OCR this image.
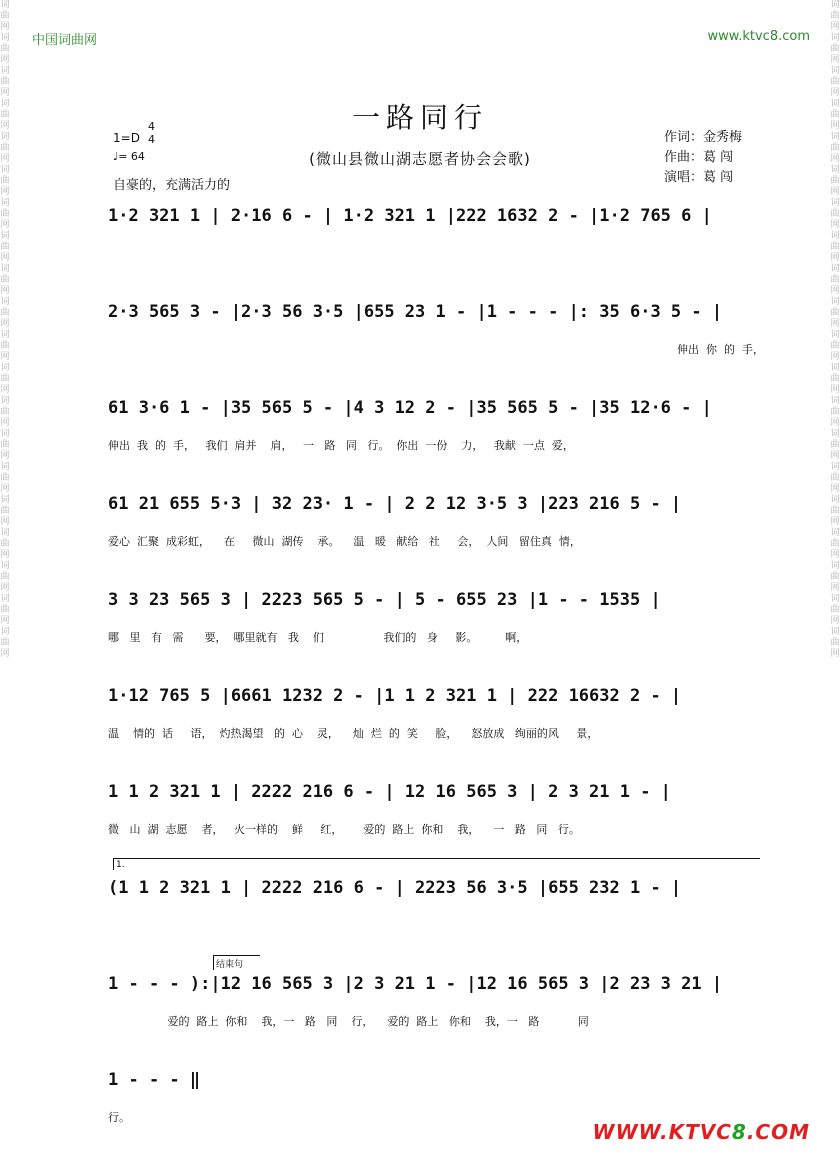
词曲网 词曲网 词曲网 词曲网 词曲网 词曲网 词曲网 词曲网 词曲网 词曲网 词曲网 词曲网 词曲网 词曲网 词曲网 词曲网 词曲网 词曲网 词曲网 词曲网
词曲网 词曲网 词曲网 词曲网 词曲网 词曲网 词曲网 词曲网 词曲网 词曲网 词曲网 词曲网 词曲网 词曲网 词曲网 词曲网 词曲网 词曲网 词曲网 词曲网
中国词曲网	www.ktvc8.com
一路同行
(微山县微山湖志愿者协会会歌)
1=D
4
4
♩= 64
自豪的，充满活力的
作词：金秀梅
作曲：葛 闯
演唱：葛 闯
1·2 321 1 | 2·16 6 - | 1·2 321 1 |222 1632 2 - |1·2 765 6 |
2·3 565 3 - |2·3 56 3·5 |655 23 1 - |1 - - - |: 35 6·3 5 - |
伸出  你  的  手，
61 3·6 1 - |35 565 5 - |4 3 12 2 - |35 565 5 - |35 12·6 - |
伸出  我  的  手，   我们  肩并    肩，   一   路   同   行。  你出  一份    力，   我献  一点  爱，
61 21 655 5·3 | 32 23· 1 - | 2 2 12 3·5 3 |223 216 5 - |
爱心  汇聚  成彩虹，    在     微山  湖传    承。    温   暖   献给   社     会，  人间   留住真  情，
3 3 23 565 3 | 2223 565 5 - | 5 - 655 23 |1 - - 1535 |
哪   里   有   需      要，  哪里就有   我    们                 我们的   身     影。        啊，
1·12 765 5 |6661 1232 2 - |1 1 2 321 1 | 222 16632 2 - |
温    情的  话     语，  灼热渴望   的  心    灵，    灿  烂  的  笑     脸，    怒放成   绚丽的风     景，
1 1 2 321 1 | 2222 216 6 - | 12 16 565 3 | 2 3 21 1 - |
微   山  湖  志愿    者，   火一样的    鲜     红，      爱的  路上  你和    我，    一   路   同   行。
1.
(1 1 2 321 1 | 2222 216 6 - | 2223 56 3·5 |655 232 1 - |
结束句
1 - - - ):|12 16 565 3 |2 3 21 1 - |12 16 565 3 |2 23 3 21 |
爱的  路上  你和    我，一   路   同    行，    爱的  路上   你和    我，一   路           同
1 - - - ‖
行。
WWW.KTVC8.COM
